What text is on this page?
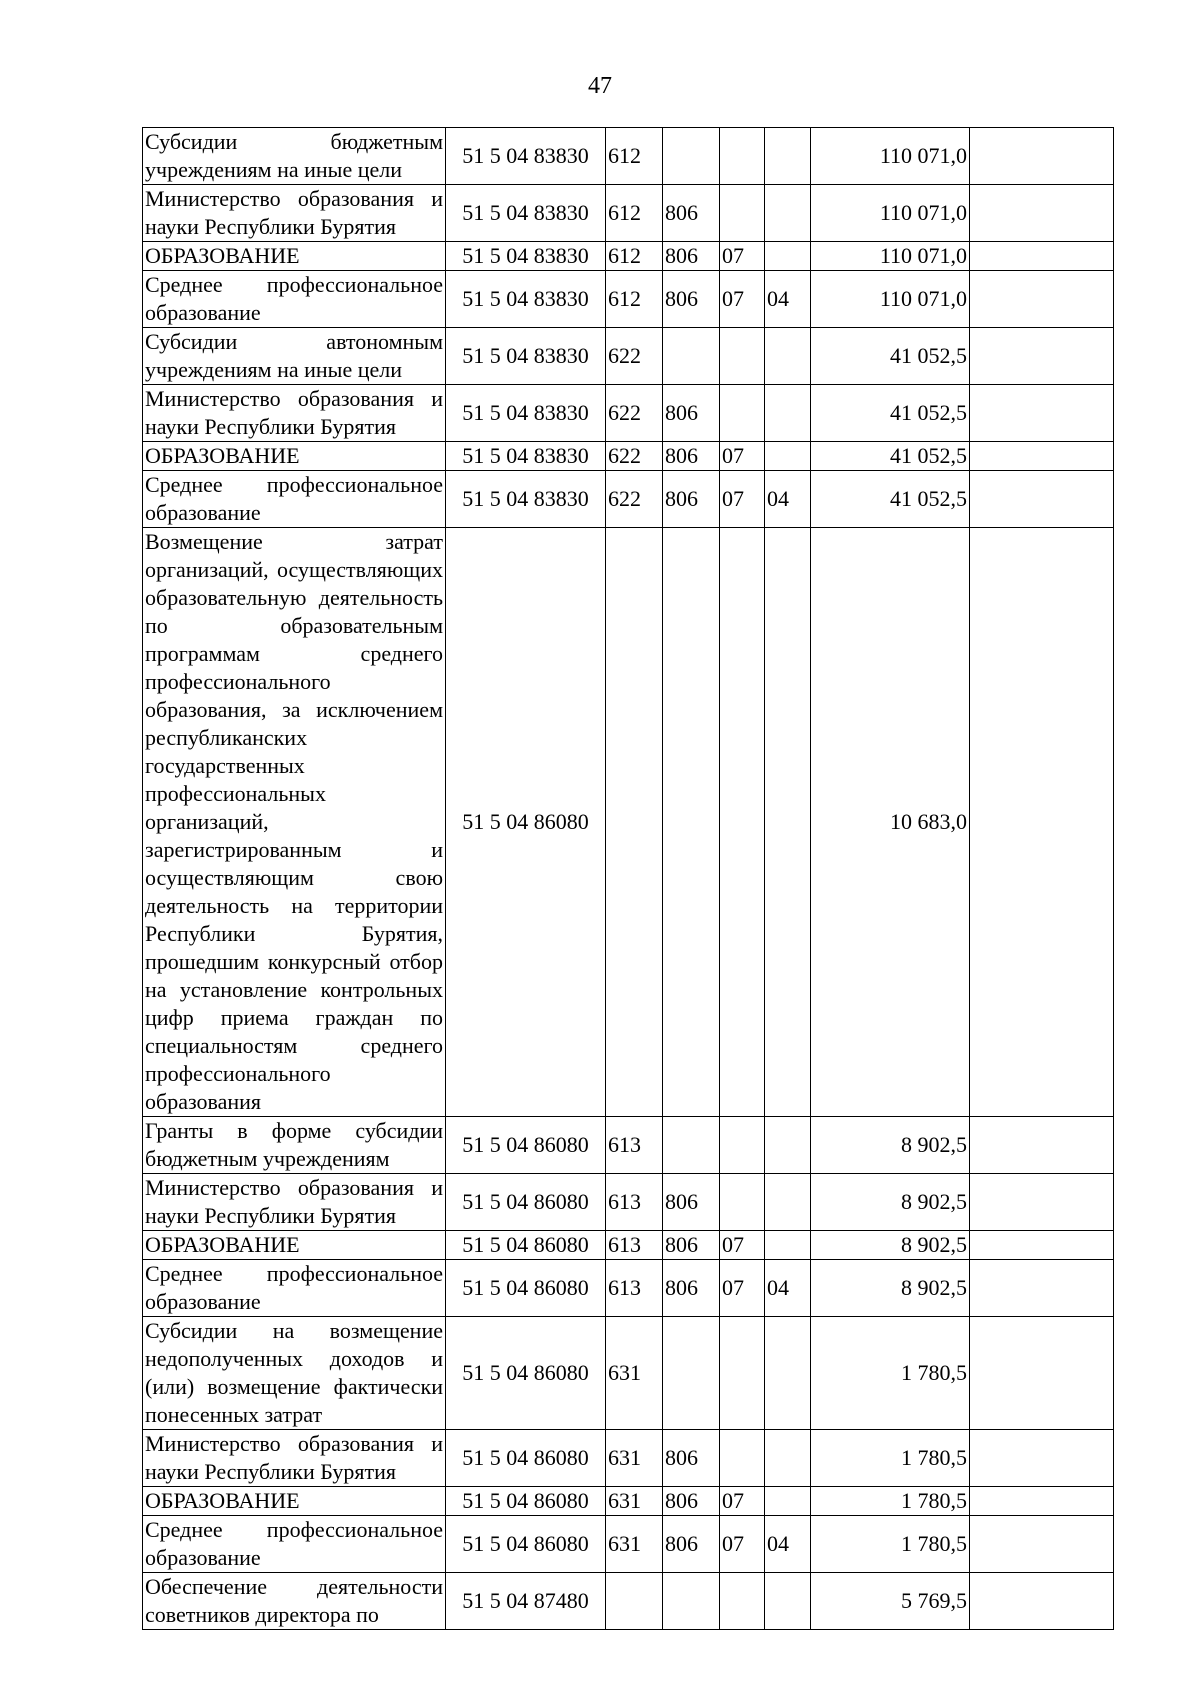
47
Субсидии бюджетным учреждениям на иные цели	51 5 04 83830	612				110 071,0	
Министерство образования и науки Республики Бурятия	51 5 04 83830	612	806			110 071,0	
ОБРАЗОВАНИЕ	51 5 04 83830	612	806	07		110 071,0	
Среднее профессиональное образование	51 5 04 83830	612	806	07	04	110 071,0	
Субсидии автономным учреждениям на иные цели	51 5 04 83830	622				41 052,5	
Министерство образования и науки Республики Бурятия	51 5 04 83830	622	806			41 052,5	
ОБРАЗОВАНИЕ	51 5 04 83830	622	806	07		41 052,5	
Среднее профессиональное образование	51 5 04 83830	622	806	07	04	41 052,5	
Возмещение затрат организаций, осуществляющих образовательную деятельность по образовательным программам среднего профессионального образования, за исключением республиканских государственных профессиональных организаций, зарегистрированным и осуществляющим свою деятельность на территории Республики Бурятия, прошедшим конкурсный отбор на установление контрольных цифр приема граждан по специальностям среднего профессионального образования	51 5 04 86080					10 683,0	
Гранты в форме субсидии бюджетным учреждениям	51 5 04 86080	613				8 902,5	
Министерство образования и науки Республики Бурятия	51 5 04 86080	613	806			8 902,5	
ОБРАЗОВАНИЕ	51 5 04 86080	613	806	07		8 902,5	
Среднее профессиональное образование	51 5 04 86080	613	806	07	04	8 902,5	
Субсидии на возмещение недополученных доходов и (или) возмещение фактически понесенных затрат	51 5 04 86080	631				1 780,5	
Министерство образования и науки Республики Бурятия	51 5 04 86080	631	806			1 780,5	
ОБРАЗОВАНИЕ	51 5 04 86080	631	806	07		1 780,5	
Среднее профессиональное образование	51 5 04 86080	631	806	07	04	1 780,5	
Обеспечение деятельности советников директора по	51 5 04 87480					5 769,5	
